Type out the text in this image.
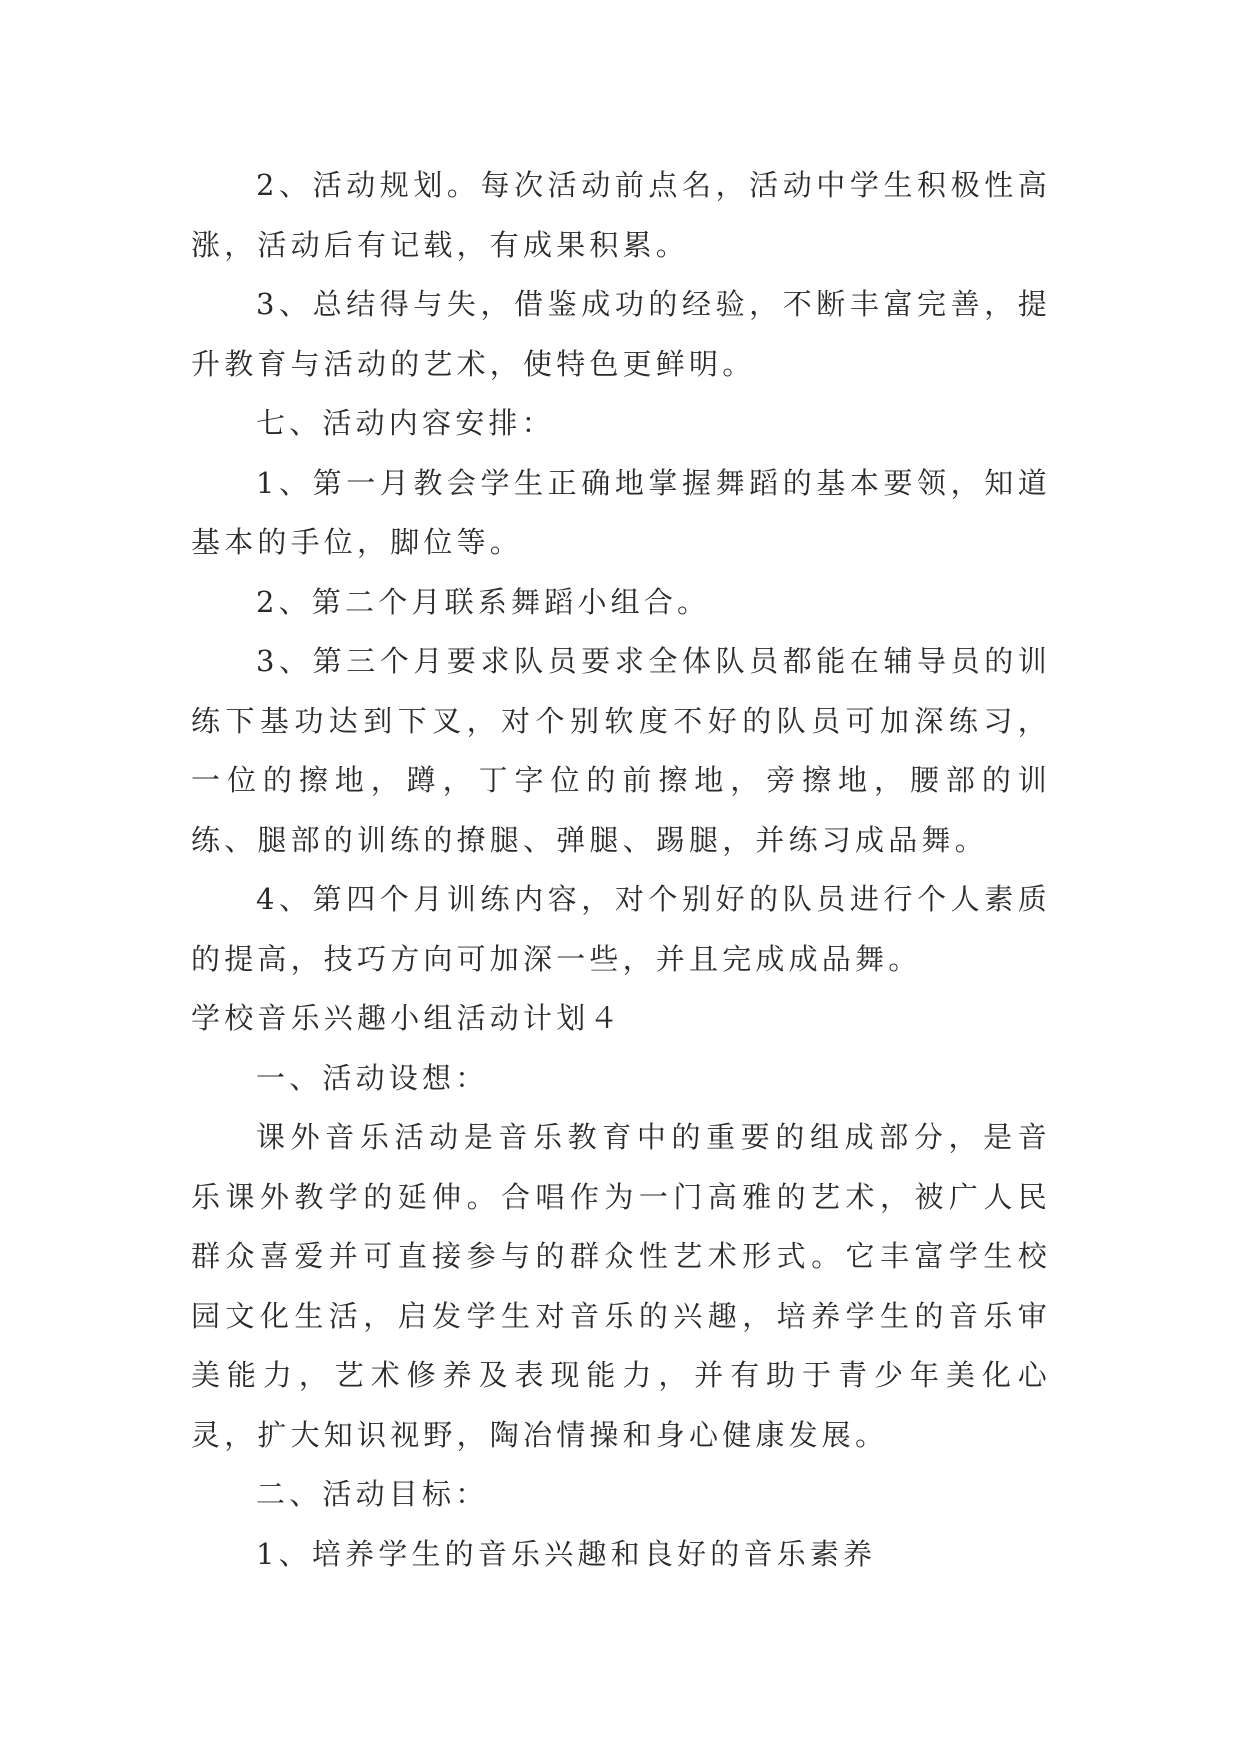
2、活动规划。每次活动前点名，活动中学生积极性高涨，活动后有记载，有成果积累。

3、总结得与失，借鉴成功的经验，不断丰富完善，提升教育与活动的艺术，使特色更鲜明。

七、活动内容安排：

1、第一月教会学生正确地掌握舞蹈的基本要领，知道基本的手位，脚位等。

2、第二个月联系舞蹈小组合。

3、第三个月要求队员要求全体队员都能在辅导员的训练下基功达到下叉，对个别软度不好的队员可加深练习，一位的擦地，蹲，丁字位的前擦地，旁擦地，腰部的训练、腿部的训练的撩腿、弹腿、踢腿，并练习成品舞。

4、第四个月训练内容，对个别好的队员进行个人素质的提高，技巧方向可加深一些，并且完成成品舞。

学校音乐兴趣小组活动计划４

一、活动设想：

课外音乐活动是音乐教育中的重要的组成部分，是音乐课外教学的延伸。合唱作为一门高雅的艺术，被广人民群众喜爱并可直接参与的群众性艺术形式。它丰富学生校园文化生活，启发学生对音乐的兴趣，培养学生的音乐审美能力，艺术修养及表现能力，并有助于青少年美化心灵，扩大知识视野，陶冶情操和身心健康发展。

二、活动目标：

1、培养学生的音乐兴趣和良好的音乐素养
